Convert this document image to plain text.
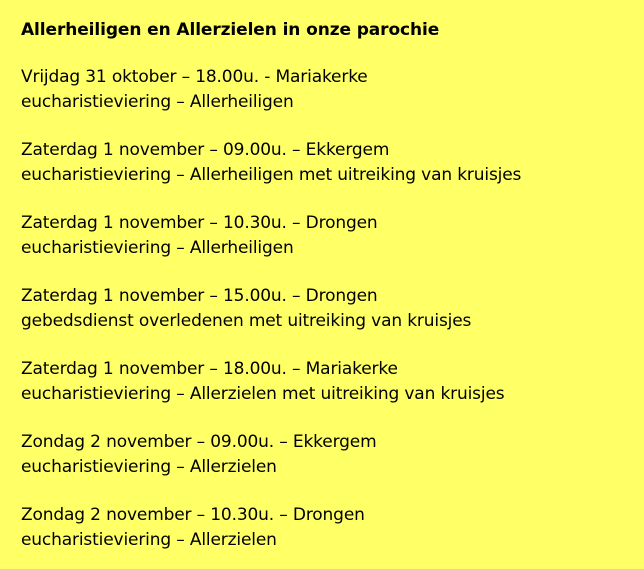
Allerheiligen en Allerzielen in onze parochie
Vrijdag 31 oktober – 18.00u. - Mariakerke
eucharistieviering – Allerheiligen
Zaterdag 1 november – 09.00u. – Ekkergem
eucharistieviering – Allerheiligen met uitreiking van kruisjes
Zaterdag 1 november – 10.30u. – Drongen
eucharistieviering – Allerheiligen
Zaterdag 1 november – 15.00u. – Drongen
gebedsdienst overledenen met uitreiking van kruisjes
Zaterdag 1 november – 18.00u. – Mariakerke
eucharistieviering – Allerzielen met uitreiking van kruisjes
Zondag 2 november – 09.00u. – Ekkergem
eucharistieviering – Allerzielen
Zondag 2 november – 10.30u. – Drongen
eucharistieviering – Allerzielen
